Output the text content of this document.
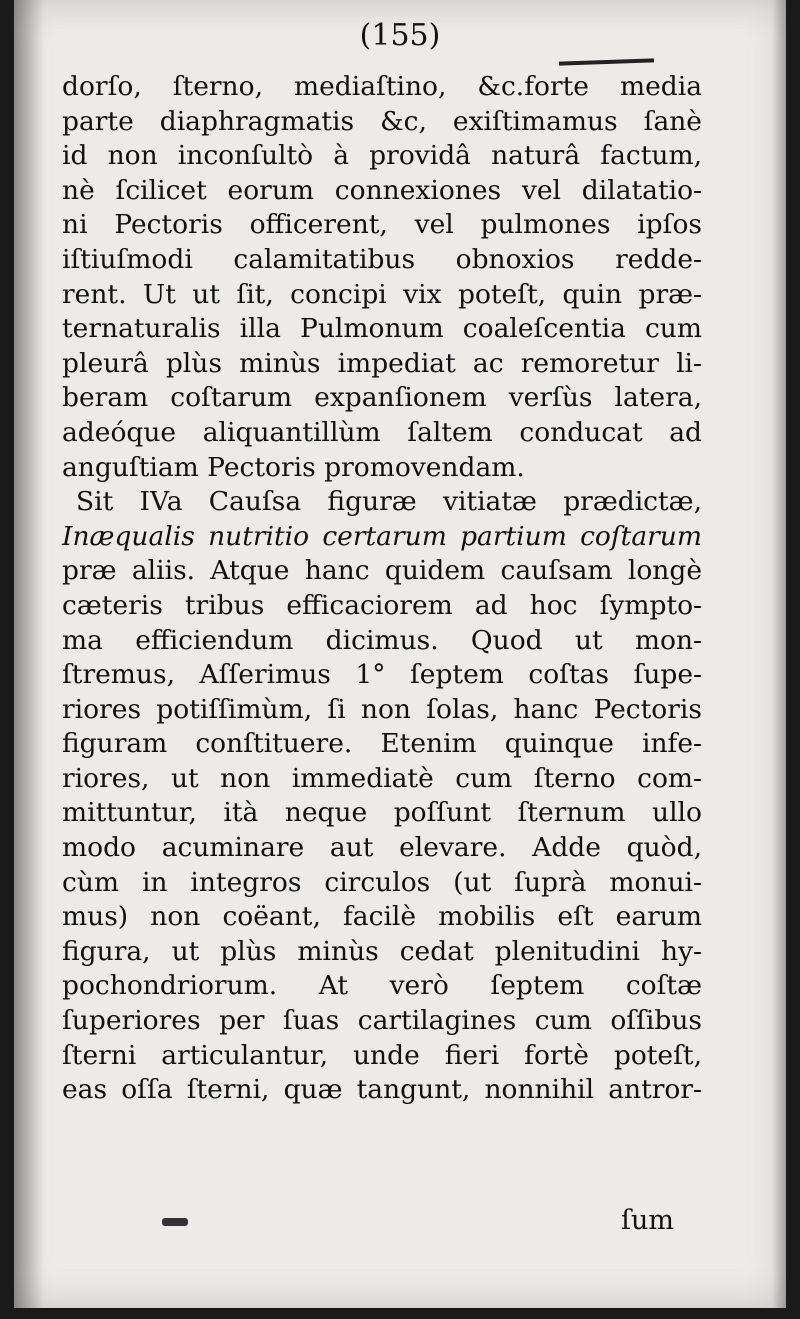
(155)
dorſo, ſterno, mediaſtino, &c.forte media
parte diaphragmatis &c, exiſtimamus ſanè
id non inconſultò à providâ naturâ factum,
nè ſcilicet eorum connexiones vel dilatatio-
ni Pectoris officerent, vel pulmones ipſos
iſtiuſmodi calamitatibus obnoxios redde-
rent. Ut ut ſit, concipi vix poteſt, quin præ-
ternaturalis illa Pulmonum coaleſcentia cum
pleurâ plùs minùs impediat ac remoretur li-
beram coſtarum expanſionem verſùs latera,
adeóque aliquantillùm ſaltem conducat ad
anguſtiam Pectoris promovendam.
Sit IVa Cauſsa figuræ vitiatæ prædictæ,
Inæqualis nutritio certarum partium coſtarum
præ aliis. Atque hanc quidem cauſsam longè
cæteris tribus efficaciorem ad hoc ſympto-
ma efficiendum dicimus. Quod ut mon-
ſtremus, Aſſerimus 1° ſeptem coſtas ſupe-
riores potiſſimùm, ſi non ſolas, hanc Pectoris
figuram conſtituere. Etenim quinque infe-
riores, ut non immediatè cum ſterno com-
mittuntur, ità neque poſſunt ſternum ullo
modo acuminare aut elevare. Adde quòd,
cùm in integros circulos (ut ſuprà monui-
mus) non coëant, facilè mobilis eſt earum
figura, ut plùs minùs cedat plenitudini hy-
pochondriorum. At verò ſeptem coſtæ
ſuperiores per ſuas cartilagines cum oſſibus
ſterni articulantur, unde fieri fortè poteſt,
eas oſſa ſterni, quæ tangunt, nonnihil antror-
ſum
